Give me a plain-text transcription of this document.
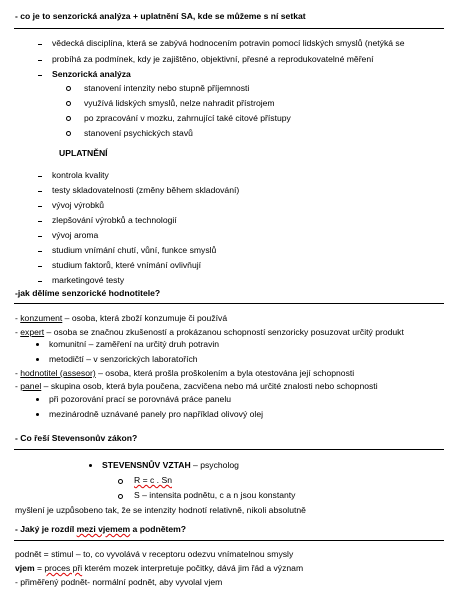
- co je to senzorická analýza + uplatnění SA, kde se můžeme s ní setkat
vědecká disciplína, která se zabývá hodnocením potravin pomocí lidských smyslů (netýká se
probíhá za podmínek, kdy je zajištěno, objektivní, přesné a reprodukovatelné měření
Senzorická analýza
stanovení intenzity nebo stupně příjemnosti
využívá lidských smyslů, nelze nahradit přístrojem
po zpracování v mozku, zahrnující také citové přístupy
stanovení psychických stavů
UPLATNĚNÍ
kontrola kvality
testy skladovatelnosti (změny během skladování)
vývoj výrobků
zlepšování výrobků a technologií
vývoj aroma
studium vnímání chutí, vůní, funkce smyslů
studium faktorů, které vnímání ovlivňují
marketingové testy
-jak dělíme senzorické hodnotitele?
- konzument – osoba, která zboží konzumuje či používá
- expert – osoba se značnou zkušeností a prokázanou schopností senzoricky posuzovat určitý produkt
komunitní – zaměření na určitý druh potravin
metodičtí – v senzorických laboratořích
- hodnotitel (assesor) – osoba, která prošla proškolením a byla otestována její schopnosti
- panel – skupina osob, která byla poučena, zacvičena nebo má určité znalosti nebo schopnosti
při pozorování prací se porovnává práce panelu
mezinárodně uznávané panely pro například olivový olej
- Co řeší Stevensonův zákon?
STEVENSNŮV VZTAH – psycholog
R = c . Sn
S – intensita podnětu, c a n jsou konstanty
myšlení je uzpůsobeno tak, že se intenzity hodnotí relativně, nikoli absolutně
- Jaký je rozdíl mezi vjemem a podnětem?
podnět = stimul – to, co vyvolává v receptoru odezvu vnímatelnou smysly
vjem = proces při kterém mozek interpretuje počitky, dává jim řád a význam
- přiměřený podnět- normální podnět, aby vyvolal vjem
